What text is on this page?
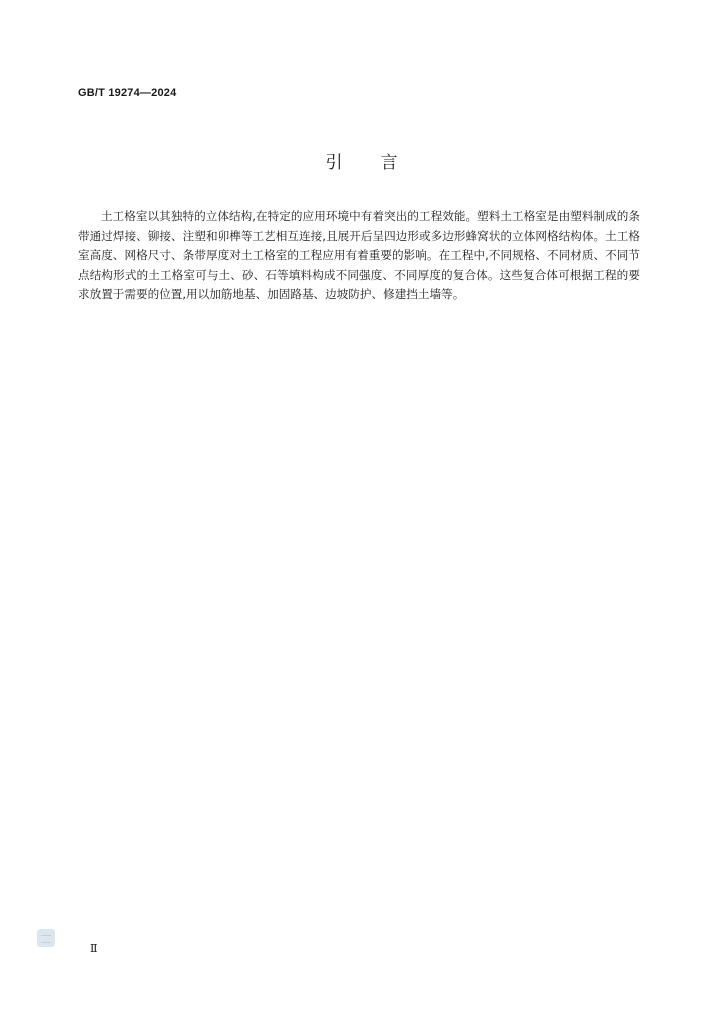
GB/T 19274—2024
引言

土工格室以其独特的立体结构,在特定的应用环境中有着突出的工程效能。塑料土工格室是由塑料制成的条带通过焊接、铆接、注塑和卯榫等工艺相互连接,且展开后呈四边形或多边形蜂窝状的立体网格结构体。土工格室高度、网格尺寸、条带厚度对土工格室的工程应用有着重要的影响。在工程中,不同规格、不同材质、不同节点结构形式的土工格室可与土、砂、石等填料构成不同强度、不同厚度的复合体。这些复合体可根据工程的要求放置于需要的位置,用以加筋地基、加固路基、边坡防护、修建挡土墙等。

Ⅱ
